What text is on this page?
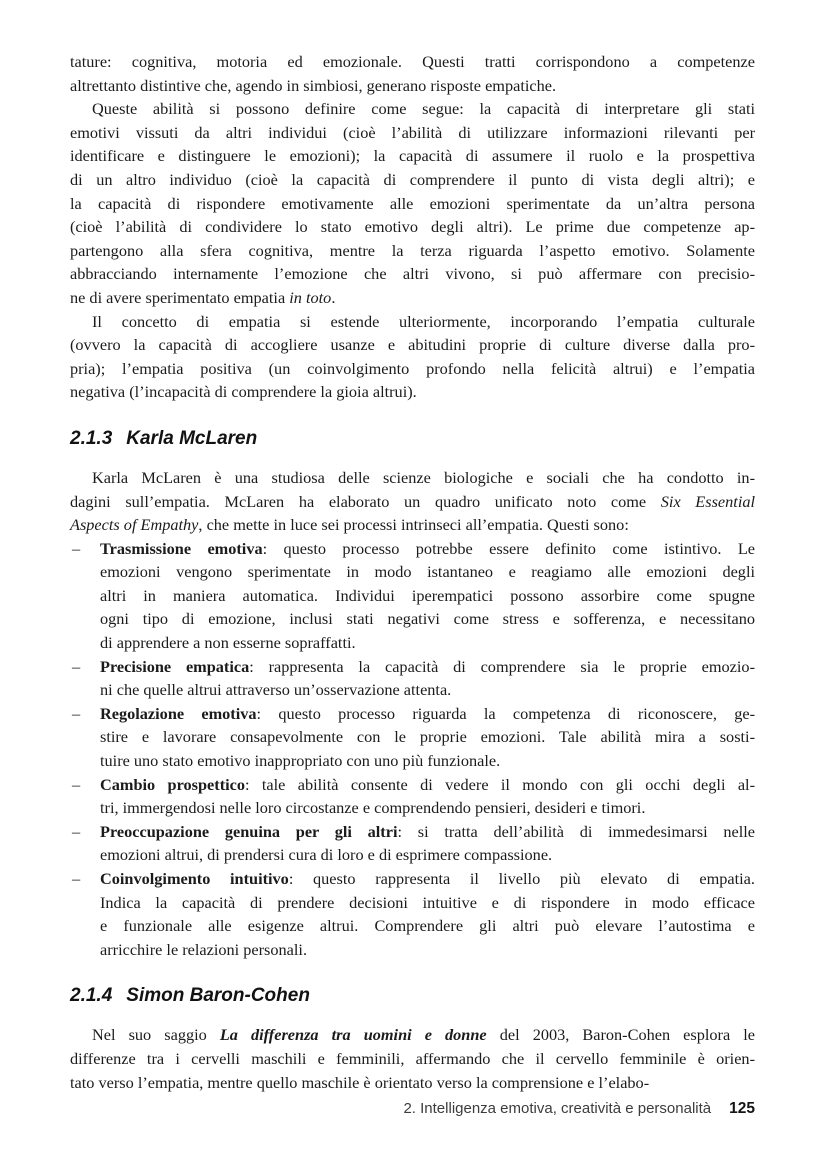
tature: cognitiva, motoria ed emozionale. Questi tratti corrispondono a competenze
altrettanto distintive che, agendo in simbiosi, generano risposte empatiche.
Queste abilità si possono definire come segue: la capacità di interpretare gli stati
emotivi vissuti da altri individui (cioè l’abilità di utilizzare informazioni rilevanti per
identificare e distinguere le emozioni); la capacità di assumere il ruolo e la prospettiva
di un altro individuo (cioè la capacità di comprendere il punto di vista degli altri); e
la capacità di rispondere emotivamente alle emozioni sperimentate da un’altra persona
(cioè l’abilità di condividere lo stato emotivo degli altri). Le prime due competenze ap-
partengono alla sfera cognitiva, mentre la terza riguarda l’aspetto emotivo. Solamente
abbracciando internamente l’emozione che altri vivono, si può affermare con precisio-
ne di avere sperimentato empatia in toto.
Il concetto di empatia si estende ulteriormente, incorporando l’empatia culturale
(ovvero la capacità di accogliere usanze e abitudini proprie di culture diverse dalla pro-
pria); l’empatia positiva (un coinvolgimento profondo nella felicità altrui) e l’empatia
negativa (l’incapacità di comprendere la gioia altrui).
2.1.3 Karla McLaren
Karla McLaren è una studiosa delle scienze biologiche e sociali che ha condotto in-
dagini sull’empatia. McLaren ha elaborato un quadro unificato noto come Six Essential
Aspects of Empathy, che mette in luce sei processi intrinseci all’empatia. Questi sono:
– Trasmissione emotiva: questo processo potrebbe essere definito come istintivo. Le
emozioni vengono sperimentate in modo istantaneo e reagiamo alle emozioni degli
altri in maniera automatica. Individui iperempatici possono assorbire come spugne
ogni tipo di emozione, inclusi stati negativi come stress e sofferenza, e necessitano
di apprendere a non esserne sopraffatti.
– Precisione empatica: rappresenta la capacità di comprendere sia le proprie emozio-
ni che quelle altrui attraverso un’osservazione attenta.
– Regolazione emotiva: questo processo riguarda la competenza di riconoscere, ge-
stire e lavorare consapevolmente con le proprie emozioni. Tale abilità mira a sosti-
tuire uno stato emotivo inappropriato con uno più funzionale.
– Cambio prospettico: tale abilità consente di vedere il mondo con gli occhi degli al-
tri, immergendosi nelle loro circostanze e comprendendo pensieri, desideri e timori.
– Preoccupazione genuina per gli altri: si tratta dell’abilità di immedesimarsi nelle
emozioni altrui, di prendersi cura di loro e di esprimere compassione.
– Coinvolgimento intuitivo: questo rappresenta il livello più elevato di empatia.
Indica la capacità di prendere decisioni intuitive e di rispondere in modo efficace
e funzionale alle esigenze altrui. Comprendere gli altri può elevare l’autostima e
arricchire le relazioni personali.
2.1.4 Simon Baron-Cohen
Nel suo saggio La differenza tra uomini e donne del 2003, Baron-Cohen esplora le
differenze tra i cervelli maschili e femminili, affermando che il cervello femminile è orien-
tato verso l’empatia, mentre quello maschile è orientato verso la comprensione e l’elabo-
2. Intelligenza emotiva, creatività e personalità 125
